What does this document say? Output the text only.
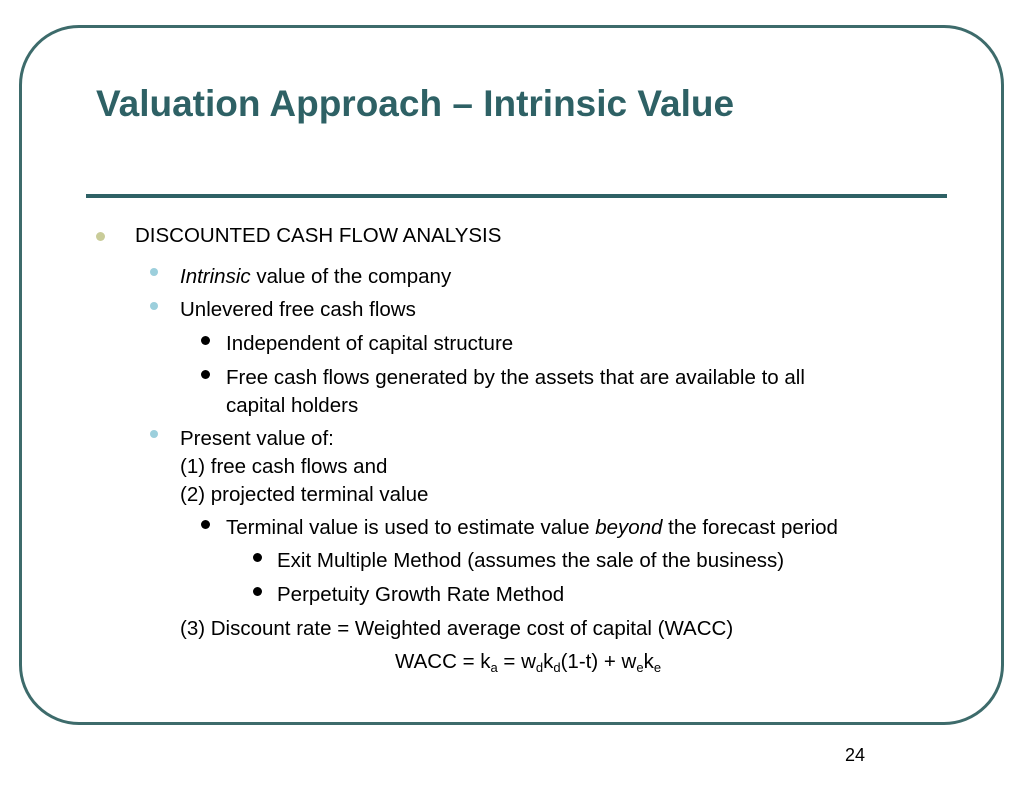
Valuation Approach – Intrinsic Value
DISCOUNTED CASH FLOW ANALYSIS
Intrinsic value of the company
Unlevered free cash flows
Independent of capital structure
Free cash flows generated by the assets that are available to all
capital holders
Present value of:
(1) free cash flows and
(2) projected terminal value
Terminal value is used to estimate value beyond the forecast period
Exit Multiple Method (assumes the sale of the business)
Perpetuity Growth Rate Method
(3) Discount rate = Weighted average cost of capital (WACC)
WACC = $k_a = w_dk_d(1-t) + w_ek_e$
24
